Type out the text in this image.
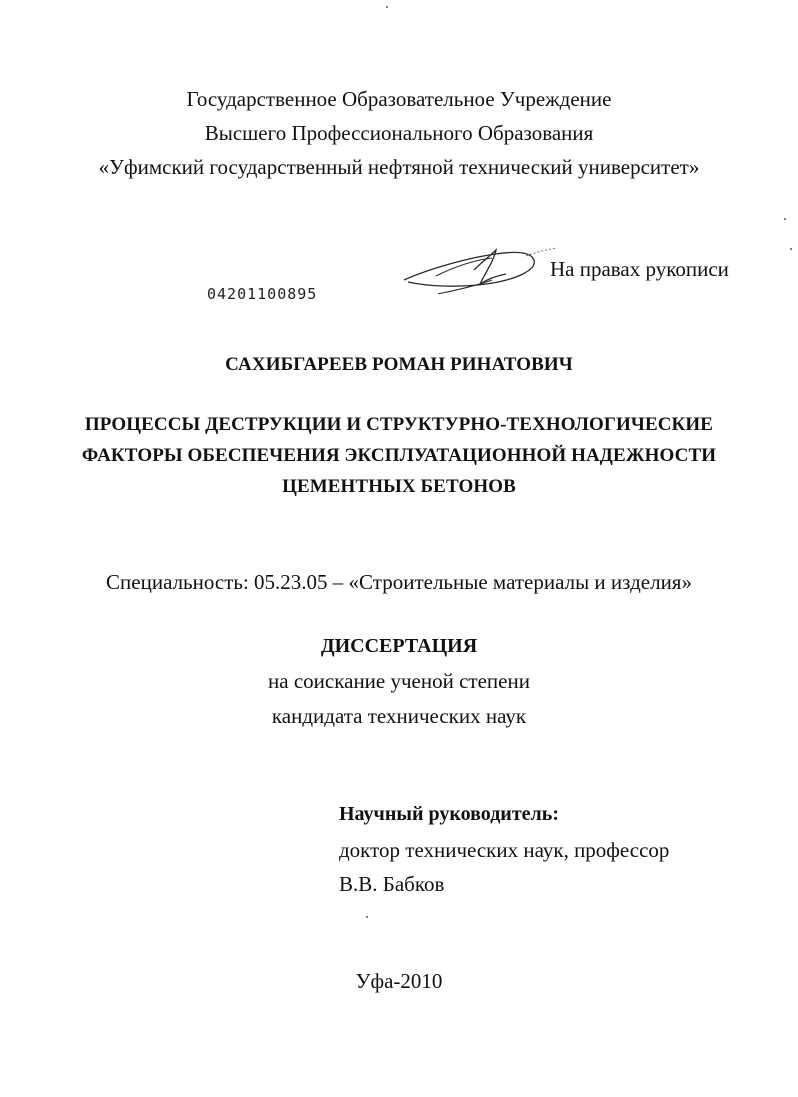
Государственное Образовательное Учреждение
Высшего Профессионального Образования
«Уфимский государственный нефтяной технический университет»
На правах рукописи
04201100895
САХИБГАРЕЕВ РОМАН РИНАТОВИЧ
ПРОЦЕССЫ ДЕСТРУКЦИИ И СТРУКТУРНО-ТЕХНОЛОГИЧЕСКИЕ
ФАКТОРЫ ОБЕСПЕЧЕНИЯ ЭКСПЛУАТАЦИОННОЙ НАДЕЖНОСТИ
ЦЕМЕНТНЫХ БЕТОНОВ
Специальность: 05.23.05 – «Строительные материалы и изделия»
ДИССЕРТАЦИЯ
на соискание ученой степени
кандидата технических наук
Научный руководитель:
доктор технических наук, профессор
В.В. Бабков
Уфа-2010
